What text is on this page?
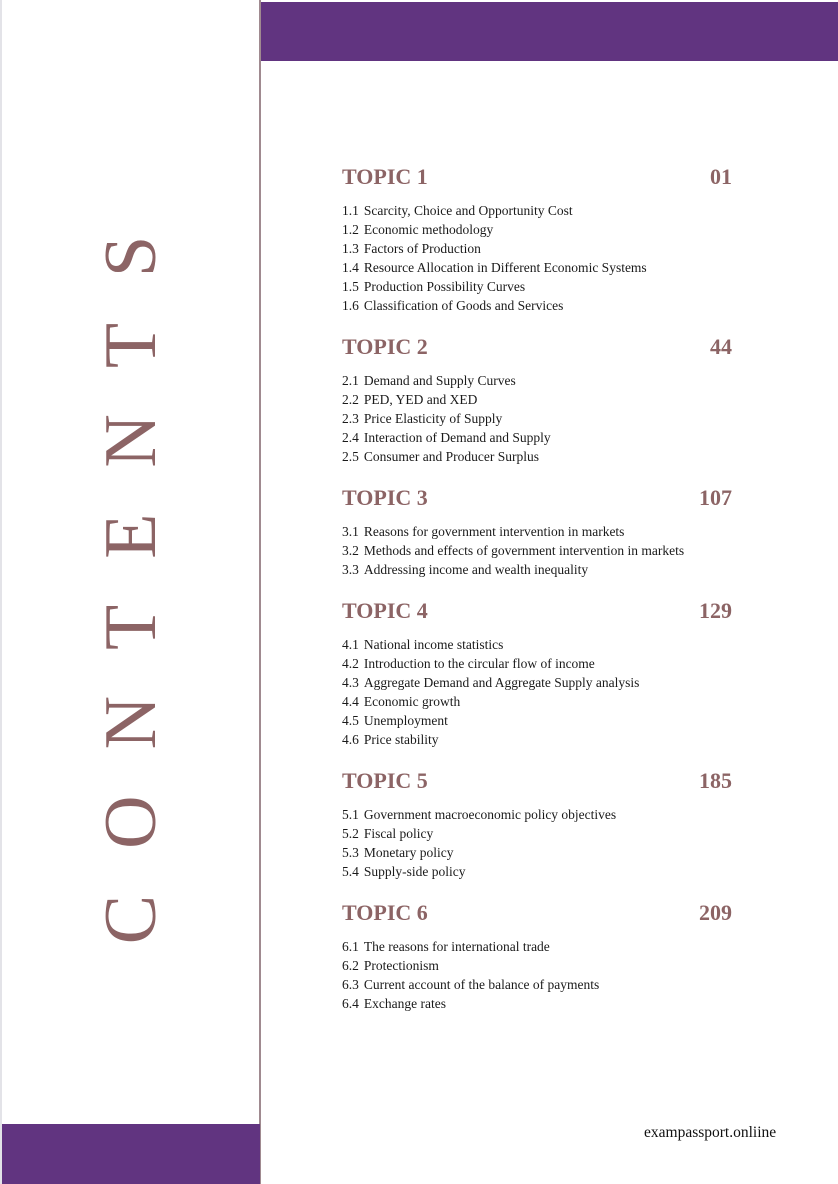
CONTENTS
TOPIC 1	01
1.1 Scarcity, Choice and Opportunity Cost
1.2 Economic methodology
1.3 Factors of Production
1.4 Resource Allocation in Different Economic Systems
1.5 Production Possibility Curves
1.6 Classification of Goods and Services
TOPIC 2	44
2.1 Demand and Supply Curves
2.2 PED, YED and XED
2.3 Price Elasticity of Supply
2.4 Interaction of Demand and Supply
2.5 Consumer and Producer Surplus
TOPIC 3	107
3.1 Reasons for government intervention in markets
3.2 Methods and effects of government intervention in markets
3.3 Addressing income and wealth inequality
TOPIC 4	129
4.1 National income statistics
4.2 Introduction to the circular flow of income
4.3 Aggregate Demand and Aggregate Supply analysis
4.4 Economic growth
4.5 Unemployment
4.6 Price stability
TOPIC 5	185
5.1 Government macroeconomic policy objectives
5.2 Fiscal policy
5.3 Monetary policy
5.4 Supply-side policy
TOPIC 6	209
6.1 The reasons for international trade
6.2 Protectionism
6.3 Current account of the balance of payments
6.4 Exchange rates
exampassport.onliine
